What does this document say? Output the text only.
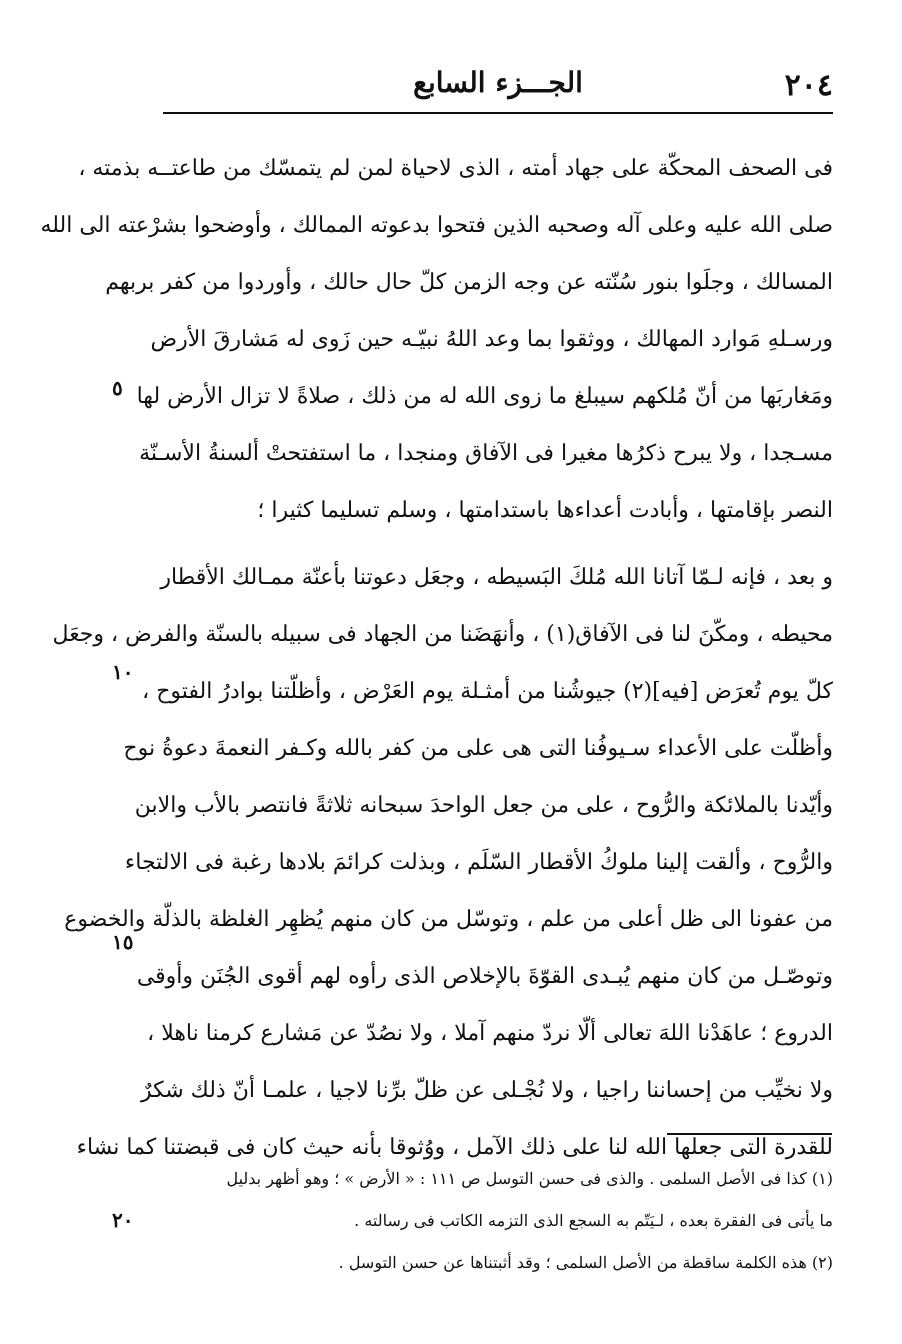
٢٠٤
الجـــزء السابع
فى الصحف المحكّة على جهاد أمته ، الذى لاحياة لمن لم يتمسّك من طاعتــه بذمته ،
صلى الله عليه وعلى آله وصحبه الذين فتحوا بدعوته الممالك ، وأوضحوا بشرْعته الى الله
المسالك ، وجلَوا بنور سُنّته عن وجه الزمن كلّ حال حالك ، وأوردوا من كفر بربهم
ورسـلهِ مَوارد المهالك ، ووثقوا بما وعد اللهُ نبيّـه حين زَوى له مَشارقَ الأرض
ومَغاربَها من أنّ مُلكهم سيبلغ ما زوى الله له من ذلك ، صلاةً لا تزال الأرض لها
مسـجدا ، ولا يبرح ذكرُها مغيرا فى الآفاق ومنجدا ، ما استفتحتْ ألسنةُ الأسـنّة
النصر بإقامتها ، وأبادت أعداءها باستدامتها ، وسلم تسليما كثيرا ؛
و بعد ، فإنه لـمّا آتانا الله مُلكَ البَسيطه ، وجعَل دعوتنا بأعنّة ممـالك الأقطار
محيطه ، ومكّنَ لنا فى الآفاق(١) ، وأنهَضَنا من الجهاد فى سبيله بالسنّة والفرض ، وجعَل
كلّ يوم تُعرَض [فيه](٢) جيوشُنا من أمثـلة يوم العَرْض ، وأظلّتنا بوادرُ الفتوح ،
وأظلّت على الأعداء سـيوفُنا التى هى على من كفر بالله وكـفر النعمةَ دعوةُ نوح
وأيّدنا بالملائكة والرُّوح ، على من جعل الواحدَ سبحانه ثلاثةً فانتصر بالأب والابن
والرُّوح ، وألقت إلينا ملوكُ الأقطار السّلَم ، وبذلت كرائمَ بلادها رغبة فى الالتجاء
من عفونا الى ظل أعلى من علم ، وتوسّل من كان منهم يُظهِر الغلظة بالذلّة والخضوع
وتوصّـل من كان منهم يُبـدى القوّةَ بالإخلاص الذى رأوه لهم أقوى الجُنَن وأوقى
الدروع ؛ عاهَدْنا اللهَ تعالى ألّا نردّ منهم آملا ، ولا نصُدّ عن مَشارع كرمنا ناهلا ،
ولا نخيِّب من إحساننا راجيا ، ولا نُجْـلى عن ظلّ برِّنا لاجيا ، علمـا أنّ ذلك شكرٌ
للقدرة التى جعلها الله لنا على ذلك الآمل ، ووُثوقا بأنه حيث كان فى قبضتنا كما نشاء
٥
١٠
١٥
٢٠
(١) كذا فى الأصل السلمى . والذى فى حسن التوسل ص ١١١ : « الأرض » ؛ وهو أظهر بدليل
ما يأتى فى الفقرة بعده ، لـيَتّم به السجع الذى التزمه الكاتب فى رسالته .
(٢) هذه الكلمة ساقطة من الأصل السلمى ؛ وقد أثبتناها عن حسن التوسل .
